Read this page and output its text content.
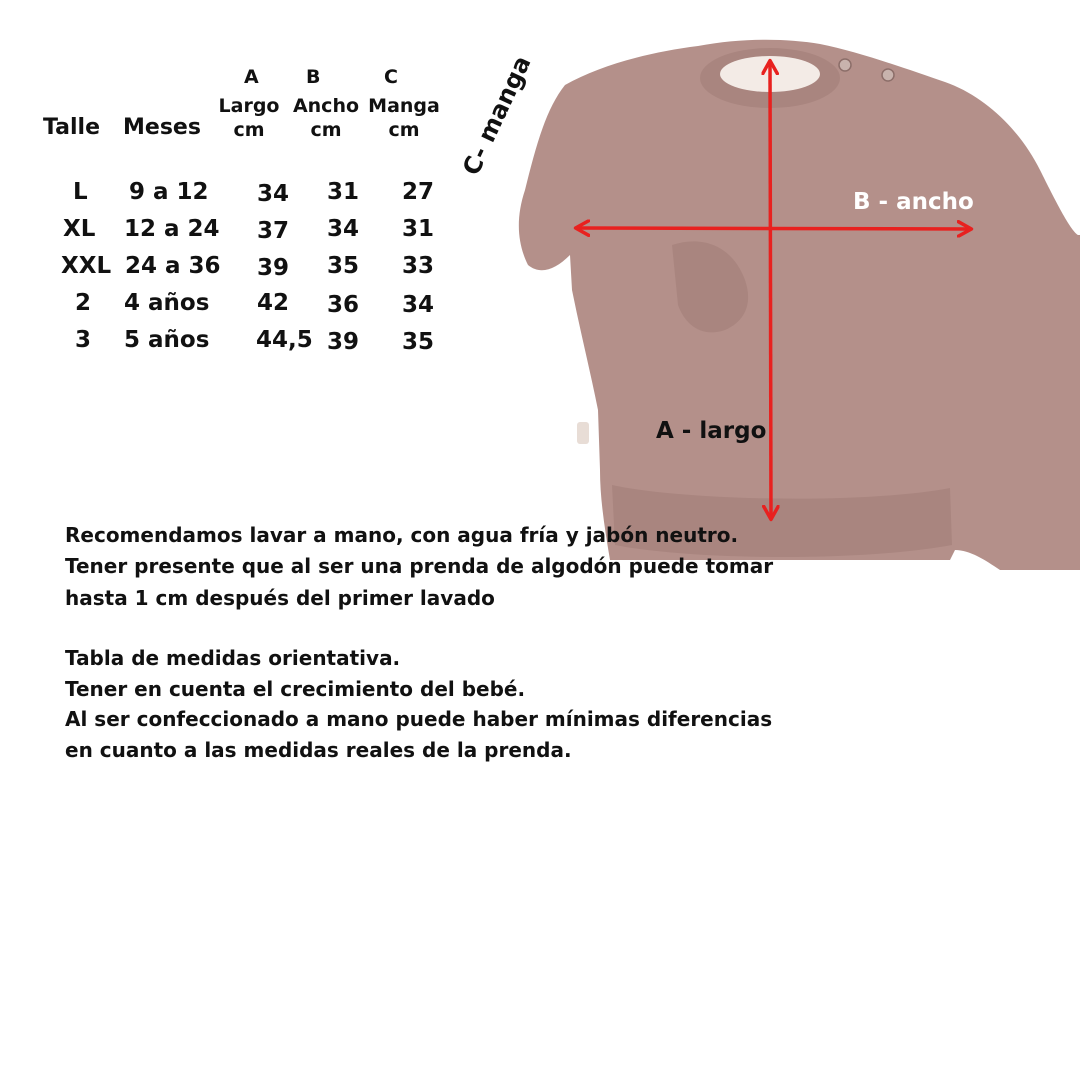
A B	C
Talle Meses
Largo
cm
Ancho
cm
Manga
cm
L 9 a 12 34 31 27
XL 12 a 24 37 34 31
XXL 24 a 36 39 35 33
2 4 años 42 36 34
3 5 años 44,5 39 35
C- manga
B - ancho
A - largo
Recomendamos lavar a mano, con agua fría y jabón neutro.
Tener presente que al ser una prenda de algodón puede tomar
hasta 1 cm después del primer lavado
Tabla de medidas orientativa.
Tener en cuenta el crecimiento del bebé.
Al ser confeccionado a mano puede haber mínimas diferencias
en cuanto a las medidas reales de la prenda.
